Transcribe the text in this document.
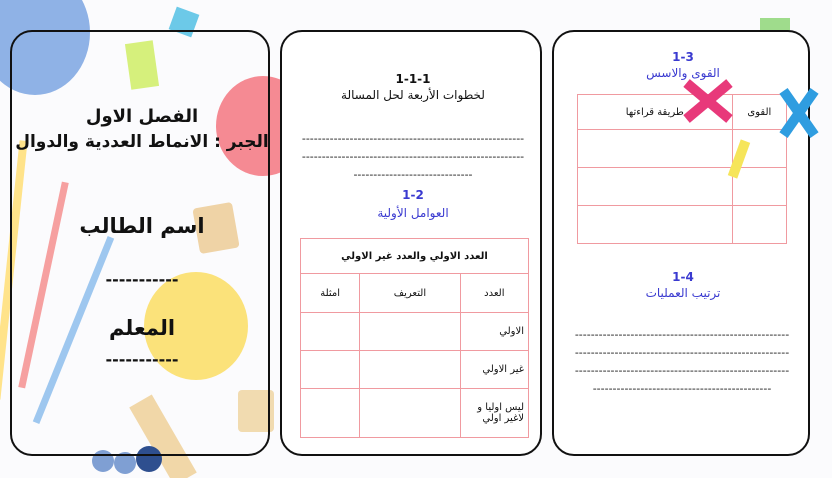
الفصل الاول
الجبر : الانماط العددية والدوال
اسم الطالب
-----------
المعلم
-----------
1-1-1
لخطوات الأربعة لحل المسالة
--------------------------------------------------------
--------------------------------------------------------
------------------------------
1-2
العوامل الأولية
العدد الاولي والعدد غير الاولي		
العدد	التعريف	امثلة
الاولي		
غير الاولي		
ليس اوليا و لاغير اولي		
1-3
القوى والاسس
القوى	طريقة قراءتها

1-4
ترتيب العمليات
------------------------------------------------------
------------------------------------------------------
------------------------------------------------------
---------------------------------------------
